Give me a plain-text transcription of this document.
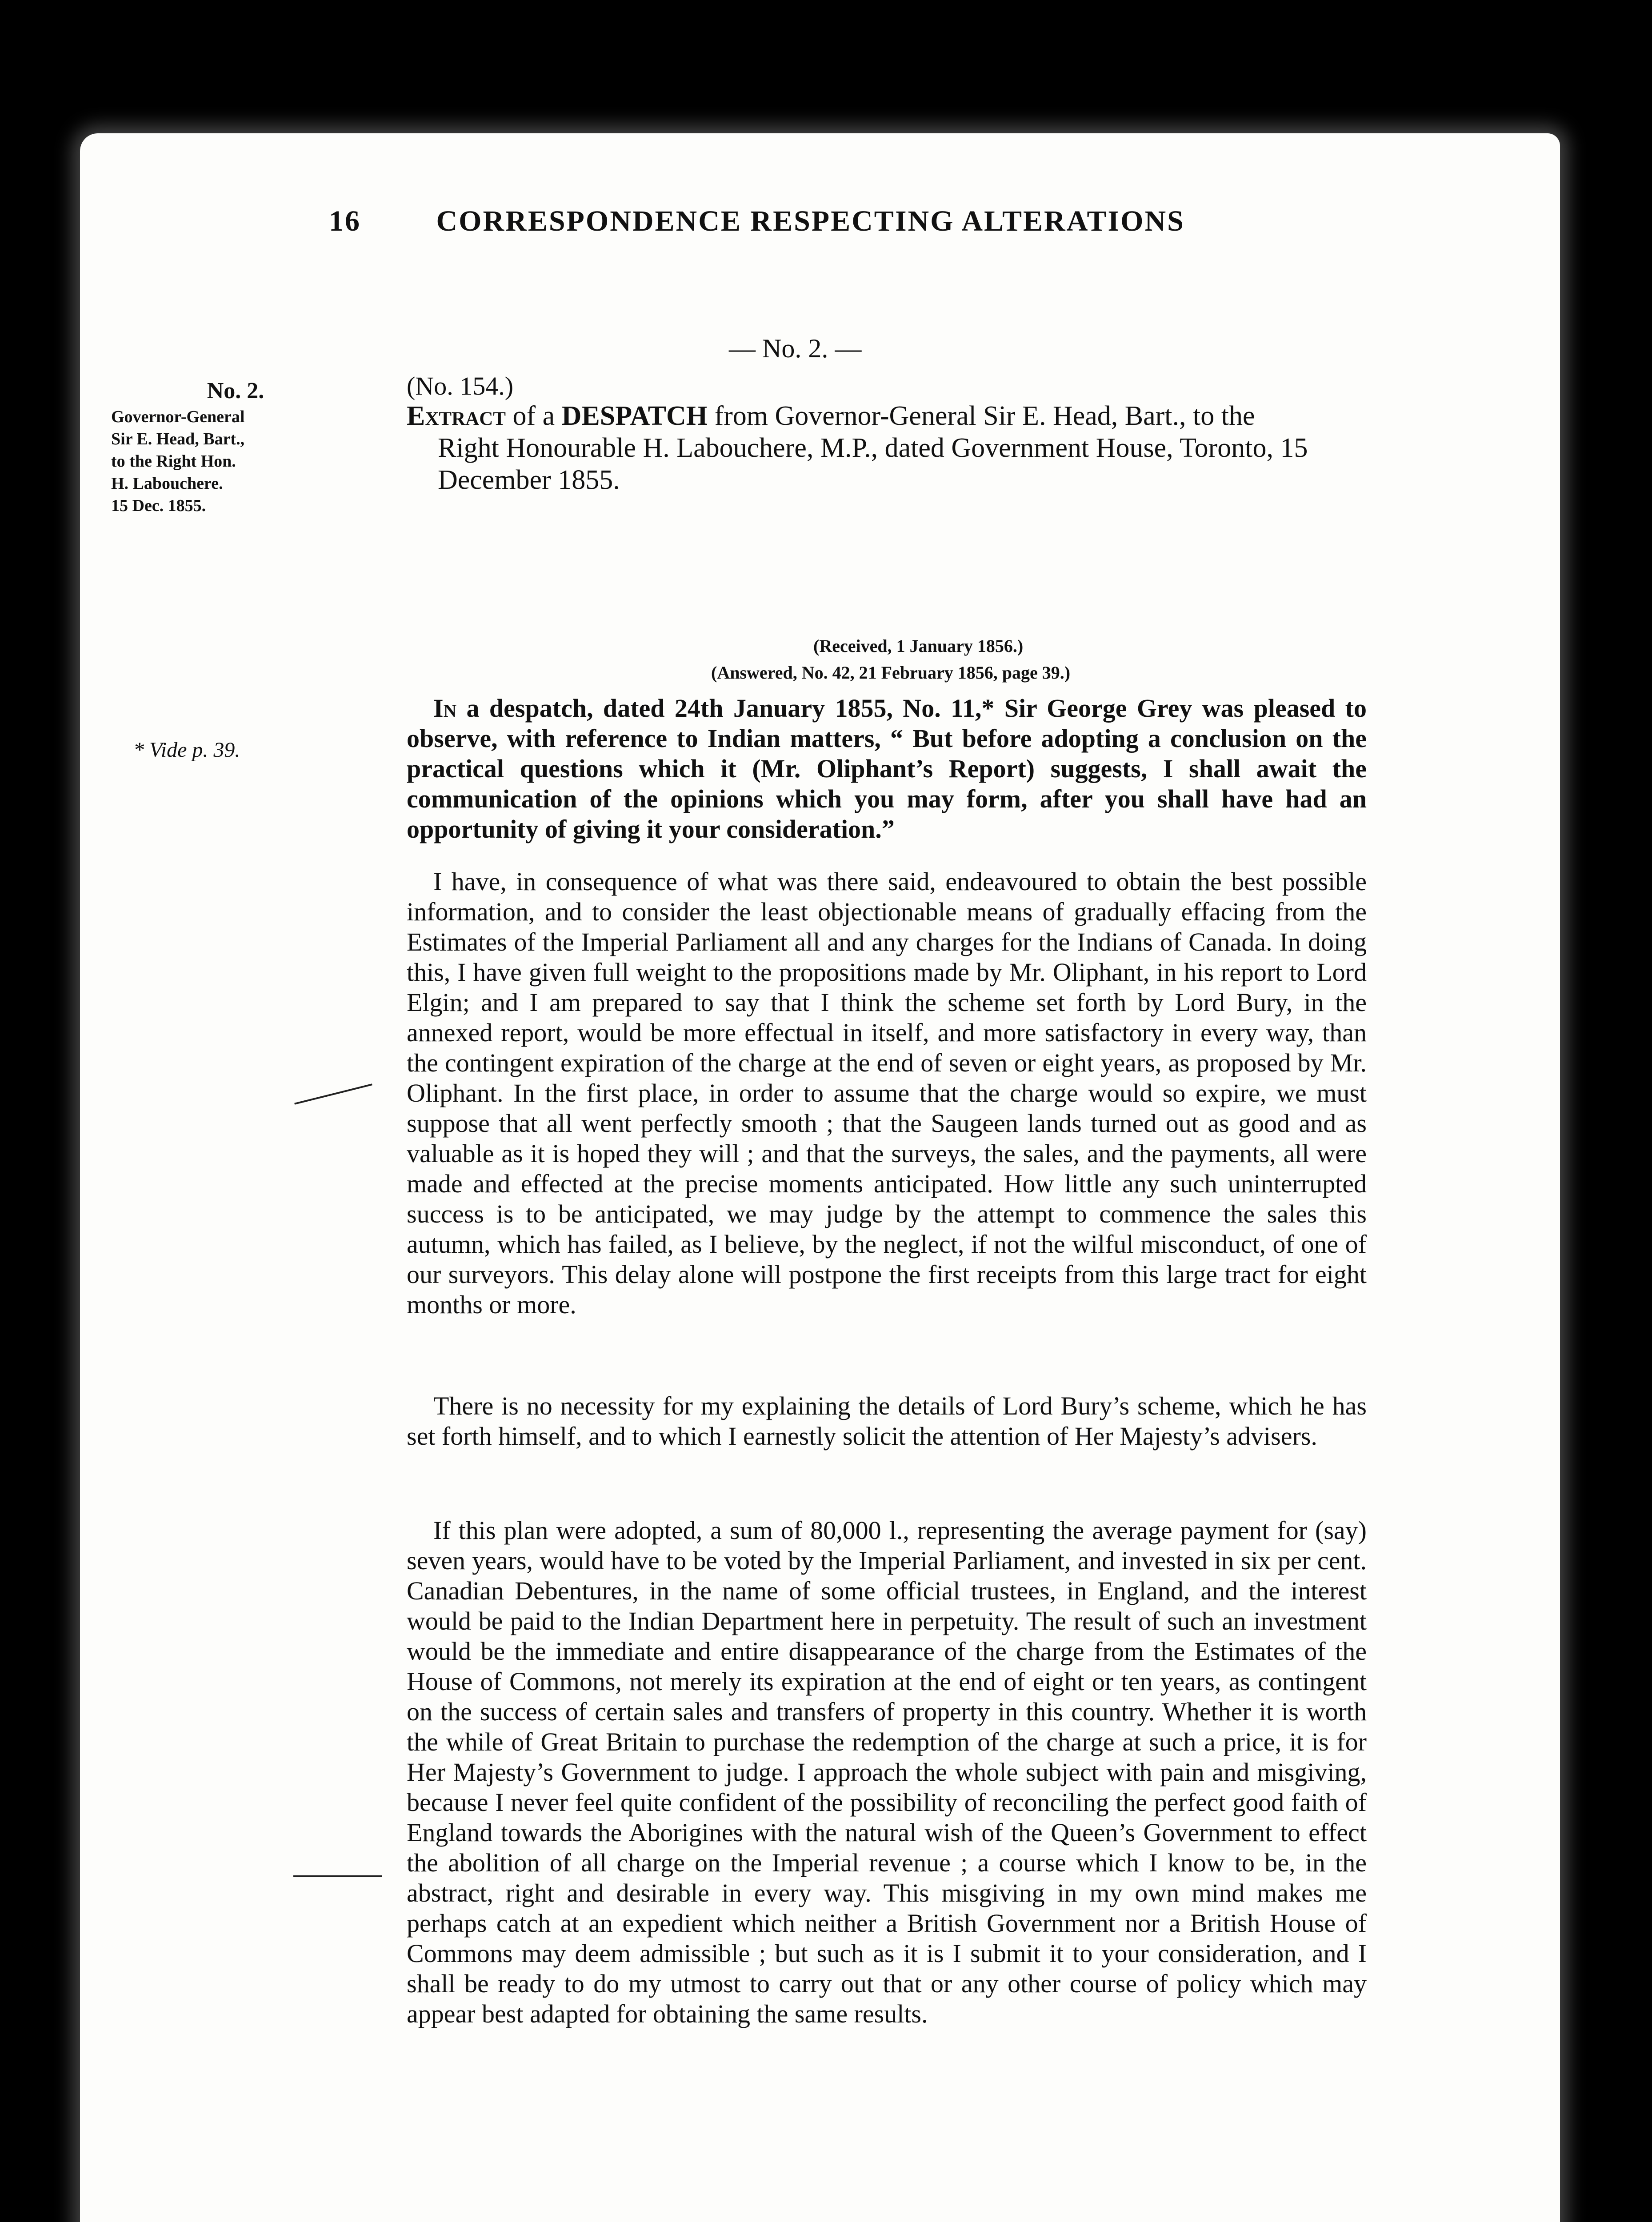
16	CORRESPONDENCE RESPECTING ALTERATIONS
— No. 2. —
No. 2.
Governor-General
Sir E. Head, Bart.,
to the Right Hon.
H. Labouchere.
15 Dec. 1855.
* Vide p. 39.
(No. 154.)
Extract of a DESPATCH from Governor-General Sir E. Head, Bart., to the
Right Honourable H. Labouchere, M.P., dated Government House, Toronto, 15 December 1855.
(Received, 1 January 1856.)
(Answered, No. 42, 21 February 1856, page 39.)
In a despatch, dated 24th January 1855, No. 11,* Sir George Grey was pleased to observe, with reference to Indian matters, “ But before adopting a conclusion on the practical questions which it (Mr. Oliphant’s Report) suggests, I shall await the communication of the opinions which you may form, after you shall have had an opportunity of giving it your consideration.”
I have, in consequence of what was there said, endeavoured to obtain the best possible information, and to consider the least objectionable means of gradually effacing from the Estimates of the Imperial Parliament all and any charges for the Indians of Canada. In doing this, I have given full weight to the propositions made by Mr. Oliphant, in his report to Lord Elgin; and I am prepared to say that I think the scheme set forth by Lord Bury, in the annexed report, would be more effectual in itself, and more satisfactory in every way, than the contingent expiration of the charge at the end of seven or eight years, as proposed by Mr. Oliphant. In the first place, in order to assume that the charge would so expire, we must suppose that all went perfectly smooth ; that the Saugeen lands turned out as good and as valuable as it is hoped they will ; and that the surveys, the sales, and the payments, all were made and effected at the precise moments anticipated. How little any such uninterrupted success is to be anticipated, we may judge by the attempt to commence the sales this autumn, which has failed, as I believe, by the neglect, if not the wilful misconduct, of one of our surveyors. This delay alone will postpone the first receipts from this large tract for eight months or more.
There is no necessity for my explaining the details of Lord Bury’s scheme, which he has set forth himself, and to which I earnestly solicit the attention of Her Majesty’s advisers.
If this plan were adopted, a sum of 80,000 l., representing the average payment for (say) seven years, would have to be voted by the Imperial Parliament, and invested in six per cent. Canadian Debentures, in the name of some official trustees, in England, and the interest would be paid to the Indian Department here in perpetuity. The result of such an investment would be the immediate and entire disappearance of the charge from the Estimates of the House of Commons, not merely its expiration at the end of eight or ten years, as contingent on the success of certain sales and transfers of property in this country. Whether it is worth the while of Great Britain to purchase the redemption of the charge at such a price, it is for Her Majesty’s Government to judge. I approach the whole subject with pain and misgiving, because I never feel quite confident of the possibility of reconciling the perfect good faith of England towards the Aborigines with the natural wish of the Queen’s Government to effect the abolition of all charge on the Imperial revenue ; a course which I know to be, in the abstract, right and desirable in every way. This misgiving in my own mind makes me perhaps catch at an expedient which neither a British Government nor a British House of Commons may deem admissible ; but such as it is I submit it to your consideration, and I shall be ready to do my utmost to carry out that or any other course of policy which may appear best adapted for obtaining the same results.
